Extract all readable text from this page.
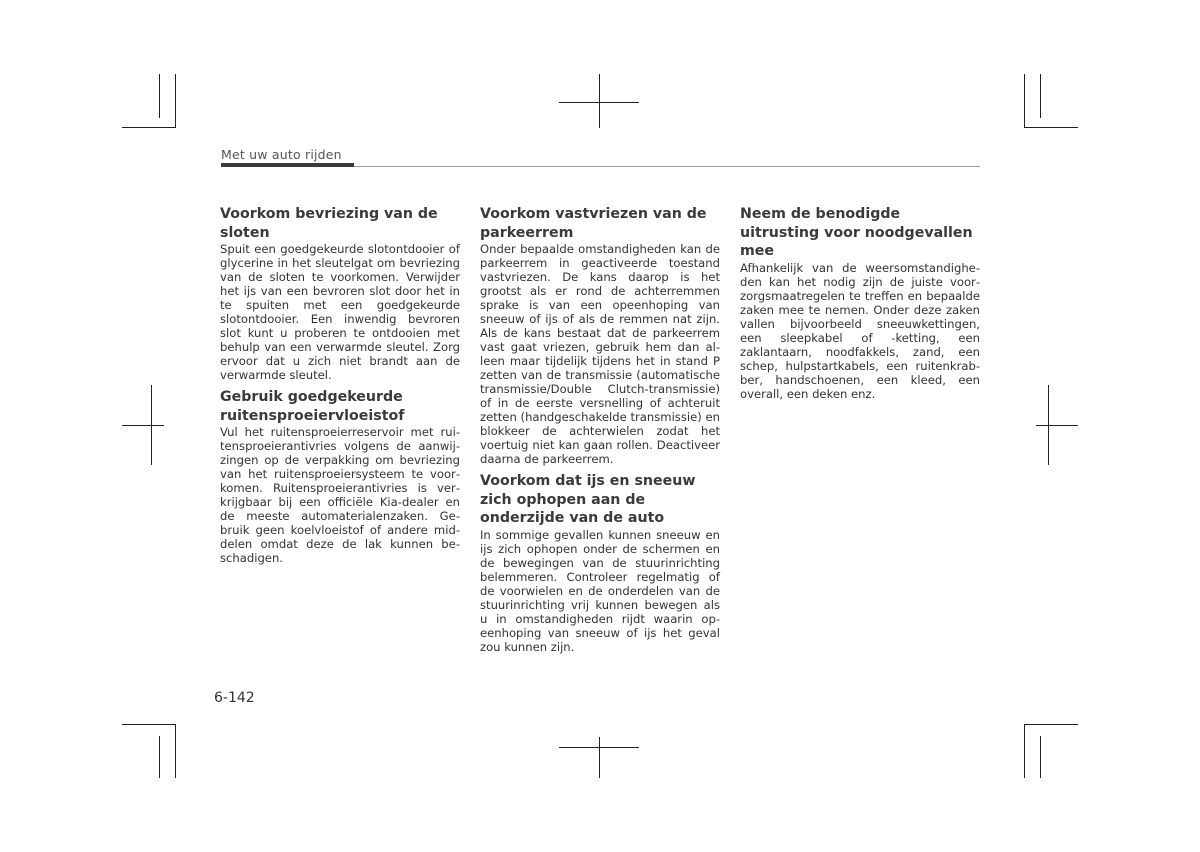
Met uw auto rijden
Voorkom bevriezing van de sloten

Spuit een goedgekeurde slotontdooier of glycerine in het sleutelgat om bevriezing van de sloten te voorkomen. Verwijder het ijs van een bevroren slot door het in te spuiten met een goedgekeurde slotontdooier. Een inwendig bevroren slot kunt u proberen te ontdooien met behulp van een verwarmde sleutel. Zorg ervoor dat u zich niet brandt aan de verwarmde sleutel.

Gebruik goedgekeurde ruitensproeiervloeistof

Vul het ruitensproeierreservoir met ruitensproeierantivries volgens de aanwijzingen op de verpakking om bevriezing van het ruitensproeiersysteem te voorkomen. Ruitensproeierantivries is verkrijgbaar bij een officiële Kia-dealer en de meeste automaterialenzaken. Gebruik geen koelvloeistof of andere middelen omdat deze de lak kunnen beschadigen.

Voorkom vastvriezen van de parkeerrem

Onder bepaalde omstandigheden kan de parkeerrem in geactiveerde toestand vastvriezen. De kans daarop is het grootst als er rond de achterremmen sprake is van een opeenhoping van sneeuw of ijs of als de remmen nat zijn. Als de kans bestaat dat de parkeerrem vast gaat vriezen, gebruik hem dan alleen maar tijdelijk tijdens het in stand P zetten van de transmissie (automatische transmissie/Double Clutch-transmissie) of in de eerste versnelling of achteruit zetten (handgeschakelde transmissie) en blokkeer de achterwielen zodat het voertuig niet kan gaan rollen. Deactiveer daarna de parkeerrem.

Voorkom dat ijs en sneeuw zich ophopen aan de onderzijde van de auto

In sommige gevallen kunnen sneeuw en ijs zich ophopen onder de schermen en de bewegingen van de stuurinrichting belemmeren. Controleer regelmatig of de voorwielen en de onderdelen van de stuurinrichting vrij kunnen bewegen als u in omstandigheden rijdt waarin opeenhoping van sneeuw of ijs het geval zou kunnen zijn.

Neem de benodigde uitrusting voor noodgevallen mee

Afhankelijk van de weersomstandigheden kan het nodig zijn de juiste voorzorgsmaatregelen te treffen en bepaalde zaken mee te nemen. Onder deze zaken vallen bijvoorbeeld sneeuwkettingen, een sleepkabel of -ketting, een zaklantaarn, noodfakkels, zand, een schep, hulpstartkabels, een ruitenkrabber, handschoenen, een kleed, een overall, een deken enz.

6-142
